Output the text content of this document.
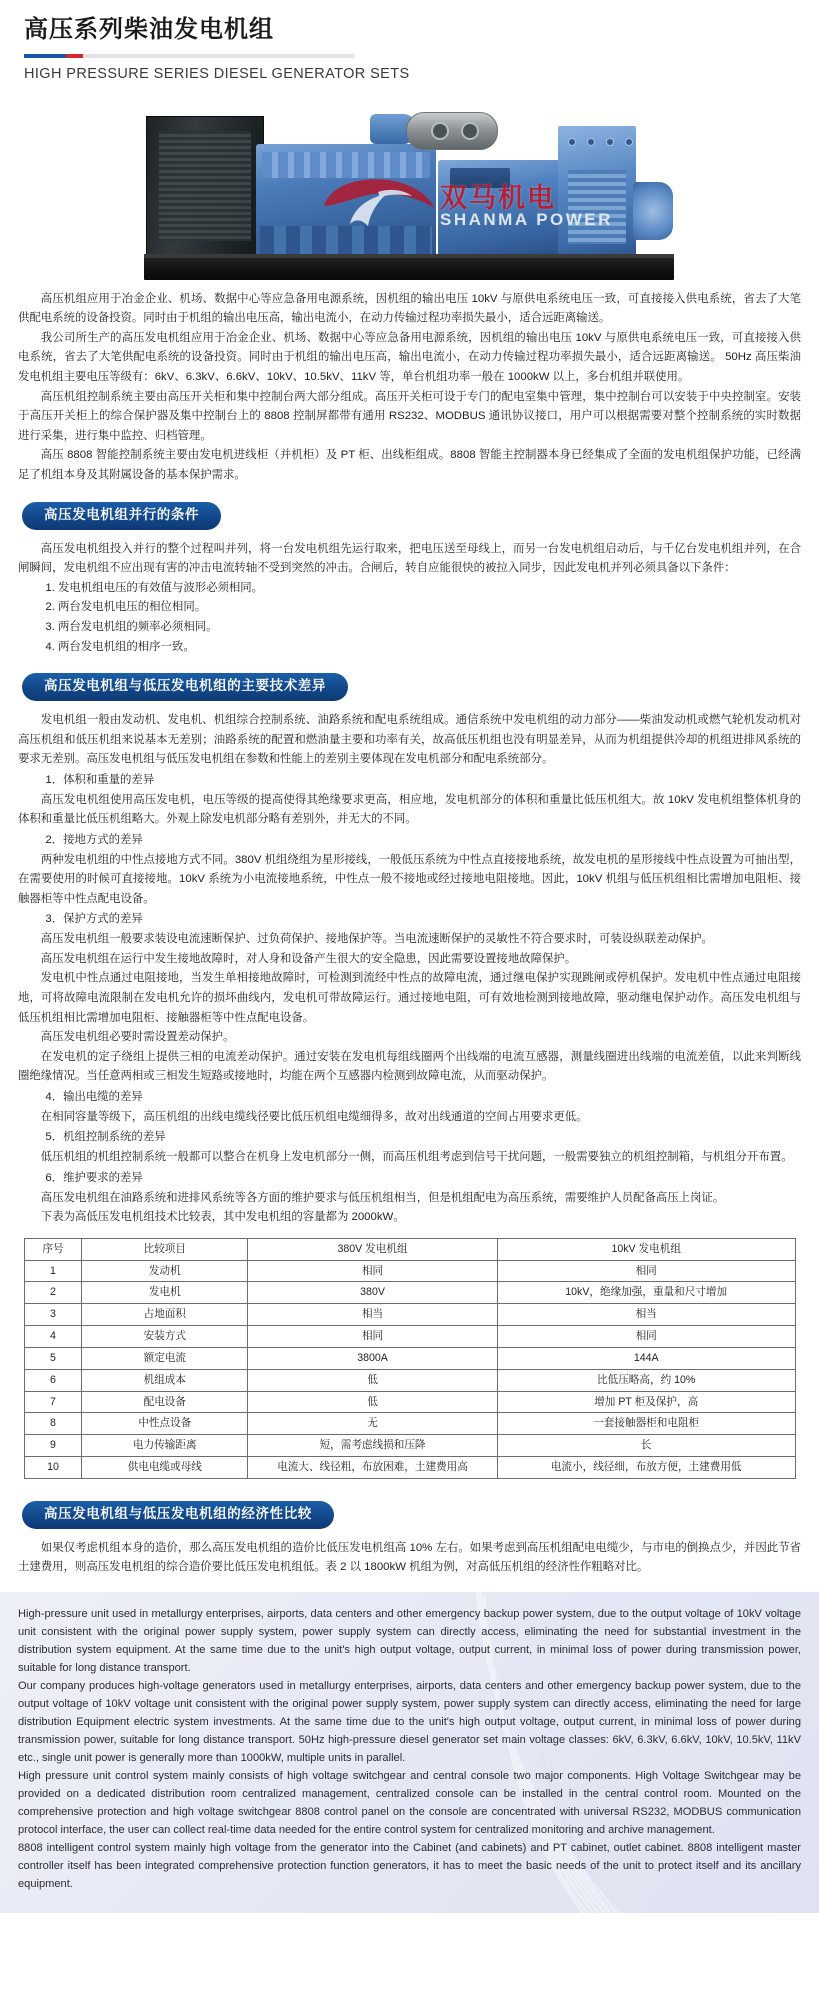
高压系列柴油发电机组
HIGH PRESSURE SERIES DIESEL GENERATOR SETS
双马机电
SHANMA POWER

高压机组应用于冶金企业、机场、数据中心等应急备用电源系统，因机组的输出电压 10kV 与原供电系统电压一致，可直接接入供电系统，省去了大笔供配电系统的设备投资。同时由于机组的输出电压高，输出电流小，在动力传输过程功率损失最小，适合远距离输送。

我公司所生产的高压发电机组应用于冶金企业、机场、数据中心等应急备用电源系统，因机组的输出电压 10kV 与原供电系统电压一致，可直接接入供电系统，省去了大笔供配电系统的设备投资。同时由于机组的输出电压高，输出电流小，在动力传输过程功率损失最小，适合远距离输送。 50Hz 高压柴油发电机组主要电压等级有：6kV、6.3kV、6.6kV、10kV、10.5kV、11kV 等，单台机组功率一般在 1000kW 以上，多台机组并联使用。

高压机组控制系统主要由高压开关柜和集中控制台两大部分组成。高压开关柜可设于专门的配电室集中管理，集中控制台可以安装于中央控制室。安装于高压开关柜上的综合保护器及集中控制台上的 8808 控制屏都带有通用 RS232、MODBUS 通讯协议接口，用户可以根据需要对整个控制系统的实时数据进行采集，进行集中监控、归档管理。

高压 8808 智能控制系统主要由发电机进线柜（并机柜）及 PT 柜、出线柜组成。8808 智能主控制器本身已经集成了全面的发电机组保护功能，已经满足了机组本身及其附属设备的基本保护需求。

高压发电机组并行的条件

高压发电机组投入并行的整个过程叫并列，将一台发电机组先运行取来，把电压送至母线上，而另一台发电机组启动后，与千亿台发电机组并列，在合闸瞬间，发电机组不应出现有害的冲击电流转轴不受到突然的冲击。合闸后，转自应能很快的被拉入同步，因此发电机并列必须具备以下条件：

1. 发电机组电压的有效值与波形必须相同。

2. 两台发电机电压的相位相同。

3. 两台发电机组的频率必须相同。

4. 两台发电机组的相序一致。

高压发电机组与低压发电机组的主要技术差异

发电机组一般由发动机、发电机、机组综合控制系统、油路系统和配电系统组成。通信系统中发电机组的动力部分——柴油发动机或燃气轮机发动机对高压机组和低压机组来说基本无差别；油路系统的配置和燃油量主要和功率有关，故高低压机组也没有明显差异，从而为机组提供冷却的机组进排风系统的要求无差别。高压发电机组与低压发电机组在参数和性能上的差别主要体现在发电机部分和配电系统部分。

1．体积和重量的差异

高压发电机组使用高压发电机，电压等级的提高使得其绝缘要求更高，相应地，发电机部分的体积和重量比低压机组大。故 10kV 发电机组整体机身的体积和重量比低压机组略大。外观上除发电机部分略有差别外，并无大的不同。

2．接地方式的差异

两种发电机组的中性点接地方式不同。380V 机组绕组为星形接线，一般低压系统为中性点直接接地系统，故发电机的星形接线中性点设置为可抽出型，在需要使用的时候可直接接地。10kV 系统为小电流接地系统，中性点一般不接地或经过接地电阻接地。因此，10kV 机组与低压机组相比需增加电阻柜、接触器柜等中性点配电设备。

3．保护方式的差异

高压发电机组一般要求装设电流速断保护、过负荷保护、接地保护等。当电流速断保护的灵敏性不符合要求时，可装设纵联差动保护。

高压发电机组在运行中发生接地故障时，对人身和设备产生很大的安全隐患，因此需要设置接地故障保护。

发电机中性点通过电阻接地，当发生单相接地故障时，可检测到流经中性点的故障电流，通过继电保护实现跳闸或停机保护。发电机中性点通过电阻接地，可将故障电流限制在发电机允许的损坏曲线内，发电机可带故障运行。通过接地电阻，可有效地检测到接地故障，驱动继电保护动作。高压发电机组与低压机组相比需增加电阻柜、接触器柜等中性点配电设备。

高压发电机组必要时需设置差动保护。

在发电机的定子绕组上提供三相的电流差动保护。通过安装在发电机每组线圈两个出线端的电流互感器，测量线圈进出线端的电流差值，以此来判断线圈绝缘情况。当任意两相或三相发生短路或接地时，均能在两个互感器内检测到故障电流，从而驱动保护。

4．输出电缆的差异

在相同容量等级下，高压机组的出线电缆线径要比低压机组电缆细得多，故对出线通道的空间占用要求更低。

5．机组控制系统的差异

低压机组的机组控制系统一般都可以整合在机身上发电机部分一侧，而高压机组考虑到信号干扰问题，一般需要独立的机组控制箱，与机组分开布置。

6．维护要求的差异

高压发电机组在油路系统和进排风系统等各方面的维护要求与低压机组相当，但是机组配电为高压系统，需要维护人员配备高压上岗证。

下表为高低压发电机组技术比较表，其中发电机组的容量都为 2000kW。

序号	比较项目	380V 发电机组	10kV 发电机组
1	发动机	相同	相同
2	发电机	380V	10kV，绝缘加强，重量和尺寸增加
3	占地面积	相当	相当
4	安装方式	相同	相同
5	额定电流	3800A	144A
6	机组成本	低	比低压略高，约 10%
7	配电设备	低	增加 PT 柜及保护，高
8	中性点设备	无	一套接触器柜和电阻柜
9	电力传输距离	短，需考虑线损和压降	长
10	供电电缆或母线	电流大、线径粗，布放困难，土建费用高	电流小，线径细，布放方便，土建费用低
高压发电机组与低压发电机组的经济性比较

如果仅考虑机组本身的造价，那么高压发电机组的造价比低压发电机组高 10% 左右。如果考虑到高压机组配电电缆少，与市电的倒换点少，并因此节省土建费用，则高压发电机组的综合造价要比低压发电机组低。表 2 以 1800kW 机组为例，对高低压机组的经济性作粗略对比。

High-pressure unit used in metallurgy enterprises, airports, data centers and other emergency backup power system, due to the output voltage of 10kV voltage unit consistent with the original power supply system, power supply system can directly access, eliminating the need for substantial investment in the distribution system equipment. At the same time due to the unit's high output voltage, output current, in minimal loss of power during transmission power, suitable for long distance transport.

Our company produces high-voltage generators used in metallurgy enterprises, airports, data centers and other emergency backup power system, due to the output voltage of 10kV voltage unit consistent with the original power supply system, power supply system can directly access, eliminating the need for large distribution Equipment electric system investments. At the same time due to the unit's high output voltage, output current, in minimal loss of power during transmission power, suitable for long distance transport. 50Hz high-pressure diesel generator set main voltage classes: 6kV, 6.3kV, 6.6kV, 10kV, 10.5kV, 11kV etc., single unit power is generally more than 1000kW, multiple units in parallel.

High pressure unit control system mainly consists of high voltage switchgear and central console two major components. High Voltage Switchgear may be provided on a dedicated distribution room centralized management, centralized console can be installed in the central control room. Mounted on the comprehensive protection and high voltage switchgear 8808 control panel on the console are concentrated with universal RS232, MODBUS communication protocol interface, the user can collect real-time data needed for the entire control system for centralized monitoring and archive management.

8808 intelligent control system mainly high voltage from the generator into the Cabinet (and cabinets) and PT cabinet, outlet cabinet. 8808 intelligent master controller itself has been integrated comprehensive protection function generators, it has to meet the basic needs of the unit to protect itself and its ancillary equipment.
